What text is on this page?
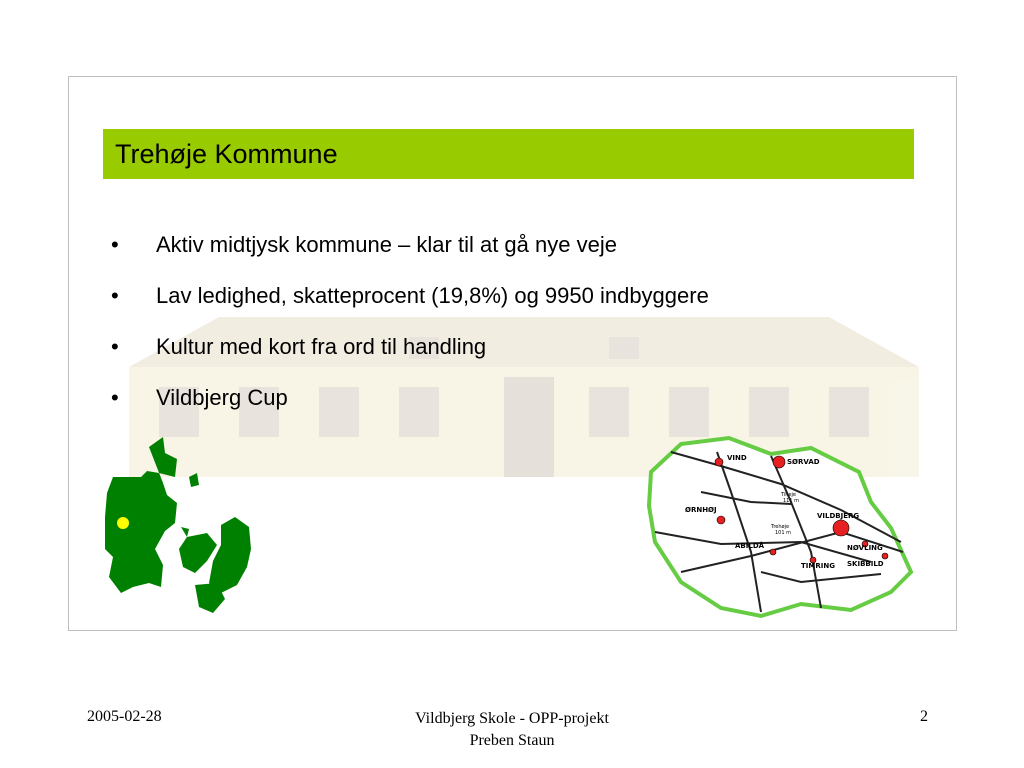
Trehøje Kommune
• Aktiv midtjysk kommune – klar til at gå nye veje
• Lav ledighed, skatteprocent (19,8%) og 9950 indbyggere
• Kultur med kort fra ord til handling
• Vildbjerg Cup
VIND	SØRVAD
ØRNHØJ
VILDBJERG
ABILDÅ	NØVLING
TIMRING SKIBBILD
Tiheje
111 m
Trehøje
101 m
2005-02-28	Vildbjerg Skole - OPP-projekt
Preben Staun
2
